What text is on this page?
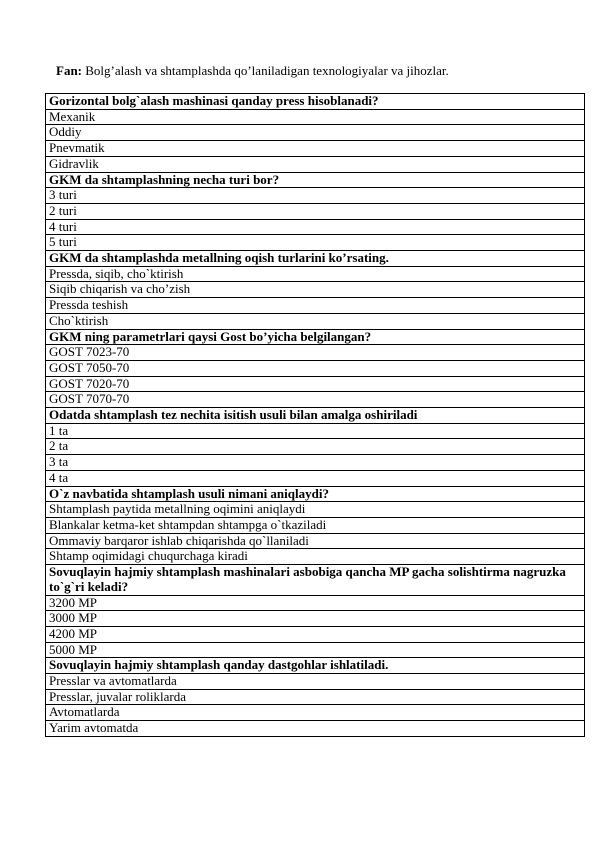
Fan: Bolg’alash va shtamplashda qo’laniladigan texnologiyalar va jihozlar.
Gorizontal bolg`alash mashinasi qanday press hisoblanadi?
Mexanik
Oddiy
Pnevmatik
Gidravlik
GKM da shtamplashning necha turi bor?
3 turi
2 turi
4 turi
5 turi
GKM da shtamplashda metallning oqish turlarini ko’rsating.
Pressda, siqib, cho`ktirish
Siqib chiqarish va cho’zish
Pressda teshish
Cho`ktirish
GKM ning parametrlari qaysi Gost bo’yicha belgilangan?
GOST 7023-70
GOST 7050-70
GOST 7020-70
GOST 7070-70
Odatda shtamplash tez nechita isitish usuli bilan amalga oshiriladi
1 ta
2 ta
3 ta
4 ta
O`z navbatida shtamplash usuli nimani aniqlaydi?
Shtamplash paytida metallning oqimini aniqlaydi
Blankalar ketma-ket shtampdan shtampga o`tkaziladi
Ommaviy barqaror ishlab chiqarishda qo`llaniladi
Shtamp oqimidagi chuqurchaga kiradi
Sovuqlayin hajmiy shtamplash mashinalari asbobiga qancha MP gacha solishtirma nagruzka to`g`ri keladi?
3200 MP
3000 MP
4200 MP
5000 MP
Sovuqlayin hajmiy shtamplash qanday dastgohlar ishlatiladi.
Presslar va avtomatlarda
Presslar, juvalar roliklarda
Avtomatlarda
Yarim avtomatda
